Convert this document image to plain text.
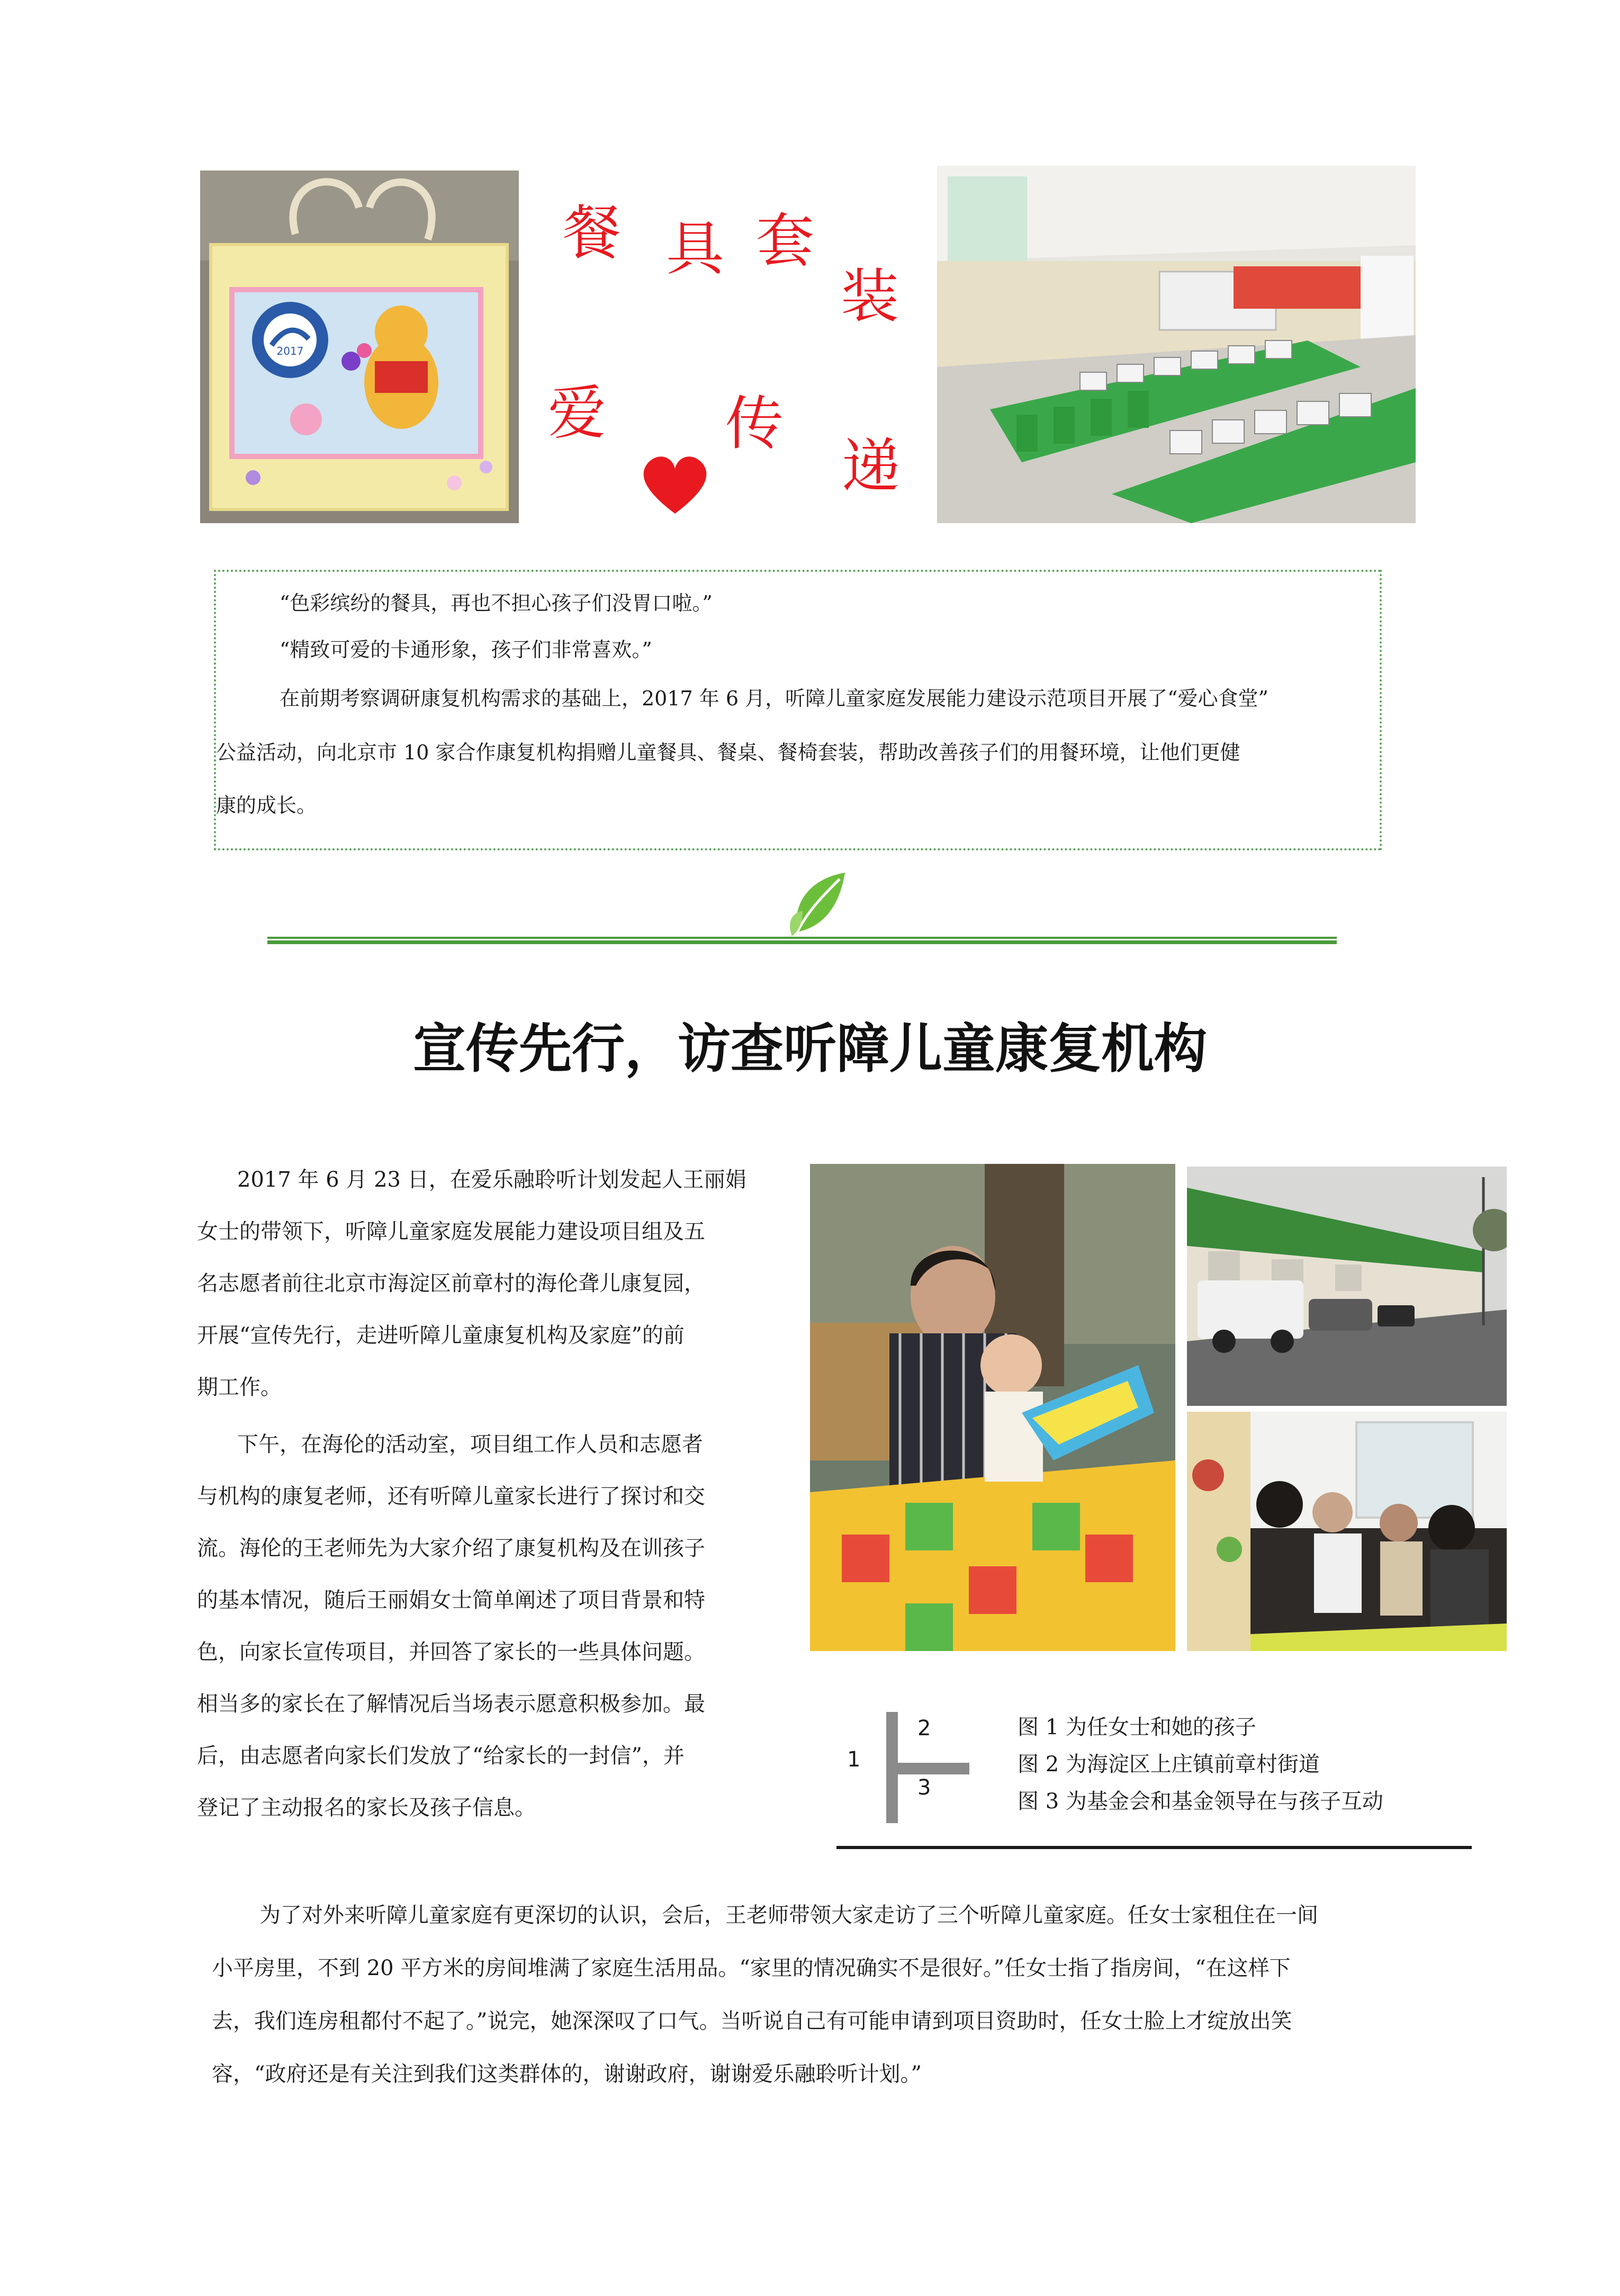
2017
餐 具 套
装
爱 传
递
“色彩缤纷的餐具，再也不担心孩子们没胃口啦。”
“精致可爱的卡通形象，孩子们非常喜欢。”
在前期考察调研康复机构需求的基础上，2017 年 6 月，听障儿童家庭发展能力建设示范项目开展了“爱心食堂”
公益活动，向北京市 10 家合作康复机构捐赠儿童餐具、餐桌、餐椅套装，帮助改善孩子们的用餐环境，让他们更健
康的成长。
宣传先行，访查听障儿童康复机构
2017 年 6 月 23 日，在爱乐融聆听计划发起人王丽娟
女士的带领下，听障儿童家庭发展能力建设项目组及五
名志愿者前往北京市海淀区前章村的海伦聋儿康复园，
开展“宣传先行，走进听障儿童康复机构及家庭”的前
期工作。
下午，在海伦的活动室，项目组工作人员和志愿者
与机构的康复老师，还有听障儿童家长进行了探讨和交
流。海伦的王老师先为大家介绍了康复机构及在训孩子
的基本情况，随后王丽娟女士简单阐述了项目背景和特
色，向家长宣传项目，并回答了家长的一些具体问题。
相当多的家长在了解情况后当场表示愿意积极参加。最
后，由志愿者向家长们发放了“给家长的一封信”，并
登记了主动报名的家长及孩子信息。
1
2
3
图 1 为任女士和她的孩子
图 2 为海淀区上庄镇前章村街道
图 3 为基金会和基金领导在与孩子互动
为了对外来听障儿童家庭有更深切的认识，会后，王老师带领大家走访了三个听障儿童家庭。任女士家租住在一间
小平房里，不到 20 平方米的房间堆满了家庭生活用品。“家里的情况确实不是很好。”任女士指了指房间，“在这样下
去，我们连房租都付不起了。”说完，她深深叹了口气。当听说自己有可能申请到项目资助时，任女士脸上才绽放出笑
容，“政府还是有关注到我们这类群体的，谢谢政府，谢谢爱乐融聆听计划。”
